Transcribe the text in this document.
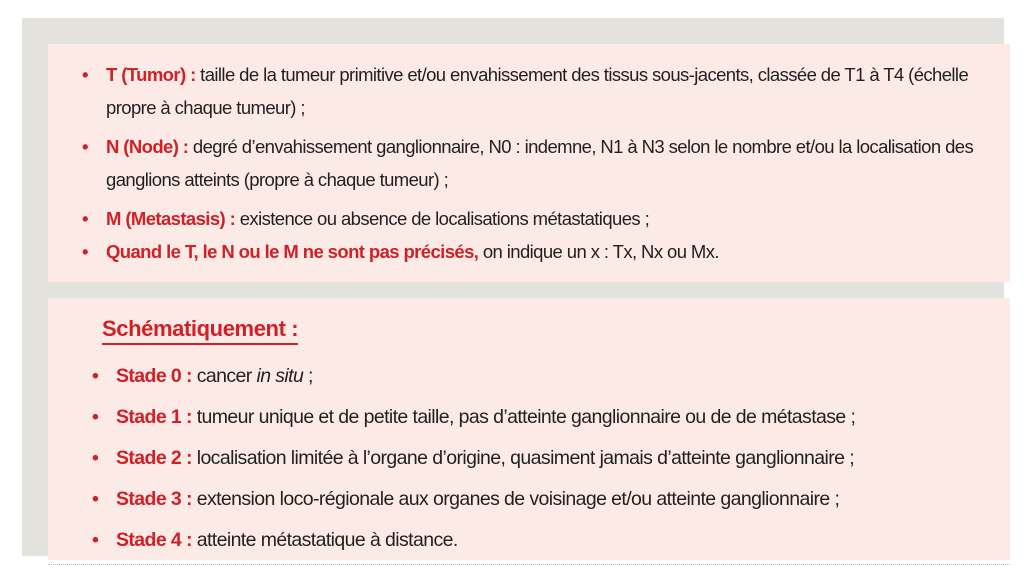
• T (Tumor) : taille de la tumeur primitive et/ou envahissement des tissus sous-jacents, classée de T1 à T4 (échelle propre à chaque tumeur) ;
• N (Node) : degré d’envahissement ganglionnaire, N0 : indemne, N1 à N3 selon le nombre et/ou la localisation des ganglions atteints (propre à chaque tumeur) ;
• M (Metastasis) : existence ou absence de localisations métastatiques ;
• Quand le T, le N ou le M ne sont pas précisés, on indique un x : Tx, Nx ou Mx.
Schématiquement :
• Stade 0 : cancer in situ ;
• Stade 1 : tumeur unique et de petite taille, pas d’atteinte ganglionnaire ou de de métastase ;
• Stade 2 : localisation limitée à l’organe d’origine, quasiment jamais d’atteinte ganglionnaire ;
• Stade 3 : extension loco-régionale aux organes de voisinage et/ou atteinte ganglionnaire ;
• Stade 4 : atteinte métastatique à distance.
